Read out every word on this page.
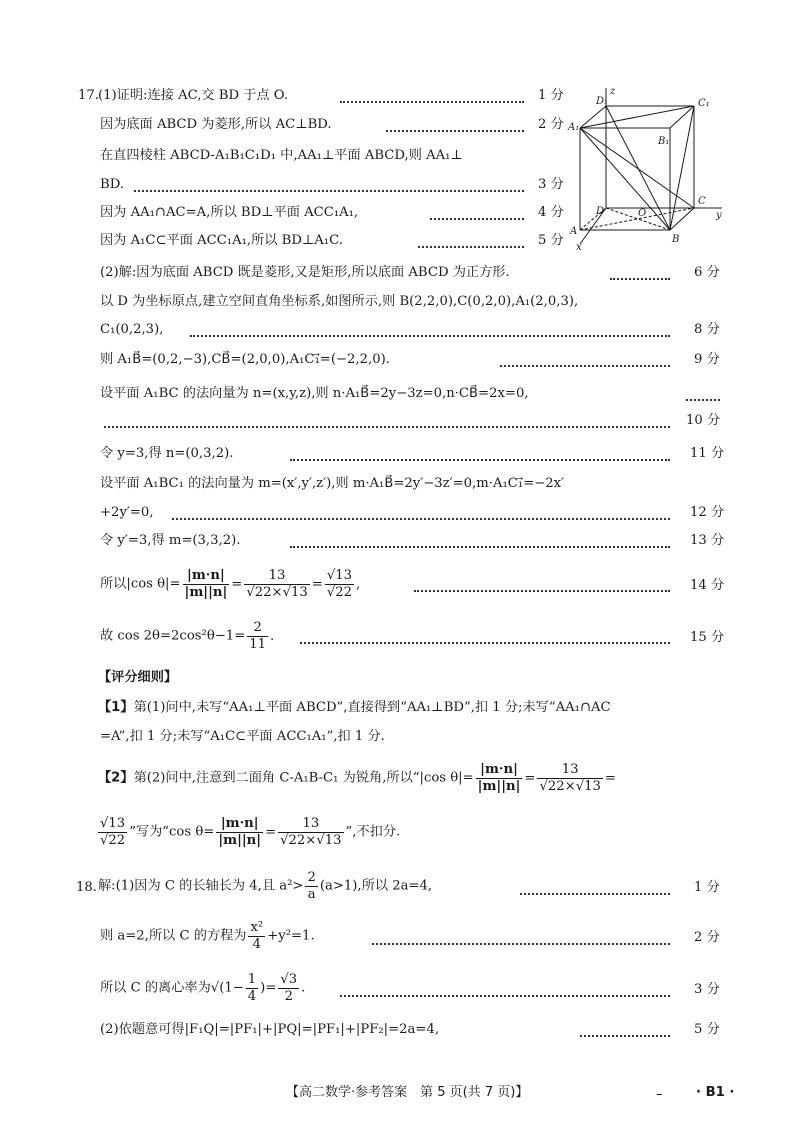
17. (1)证明:连接 AC,交 BD 于点 O.	1 分
因为底面 ABCD 为菱形,所以 AC⊥BD.	2 分
在直四棱柱 ABCD-A₁B₁C₁D₁ 中,AA₁⊥平面 ABCD,则 AA₁⊥
BD.	3 分
因为 AA₁∩AC=A,所以 BD⊥平面 ACC₁A₁,	4 分
因为 A₁C⊂平面 ACC₁A₁,所以 BD⊥A₁C.	5 分
z
D₁	C₁
A₁
B₁
D	O
C
y
A
B
x
(2)解:因为底面 ABCD 既是菱形,又是矩形,所以底面 ABCD 为正方形.	6 分
以 D 为坐标原点,建立空间直角坐标系,如图所示,则 B(2,2,0),C(0,2,0),A₁(2,0,3),
C₁(0,2,3),	8 分
则 A₁B⃗=(0,2,−3),CB⃗=(2,0,0),A₁C₁⃗=(−2,2,0).	9 分
设平面 A₁BC 的法向量为 n=(x,y,z),则 n·A₁B⃗=2y−3z=0,n·CB⃗=2x=0,
10 分
令 y=3,得 n=(0,3,2).	11 分
设平面 A₁BC₁ 的法向量为 m=(x′,y′,z′),则 m·A₁B⃗=2y′−3z′=0,m·A₁C₁⃗=−2x′
+2y′=0,	12 分
令 y′=3,得 m=(3,3,2).	13 分
所以|cos $\theta|= \frac{|m\cdot n|}{|m||n|} = \frac{13}{√22\times√13} = \frac{√13}{√22}$ ,	14 分
故 $\cos 2\theta=2\cos^2\theta-1= \frac{2}{11}$ .	15 分
【评分细则】
【1】第(1)问中,未写“AA₁⊥平面 ABCD”,直接得到“AA₁⊥BD”,扣 1 分;未写“AA₁∩AC
=A”,扣 1 分;未写“A₁C⊂平面 ACC₁A₁”,扣 1 分.
【2】第(2)问中,注意到二面角 C-A₁B-C₁ 为锐角,所以“|cos $\theta|= \frac{|m\cdot n|}{|m||n|} = \frac{13}{√22\times√13}$ =
$\frac{√13}{√22}$ ”写为“cos $\theta= \frac{|m\cdot n|}{|m||n|} = \frac{13}{√22\times√13}$ ”,不扣分.
18. 解:(1)因为 C 的长轴长为 4,且 $a^2> \frac{2}{a} (a>1)$,所以 2a=4,	1 分
则 a=2,所以 C 的方程为 $\frac{\text{x²}}{4} +y^2=1$.	2 分
所以 C 的离心率为$√(1- \frac{1}{4}$ )= $\frac{√3}{2}$ .	3 分
(2)依题意可得|F₁Q|=|PF₁|+|PQ|=|PF₁|+|PF₂|=2a=4,	5 分
【高二数学·参考答案　第 5 页(共 7 页)】	–	· B1 ·
